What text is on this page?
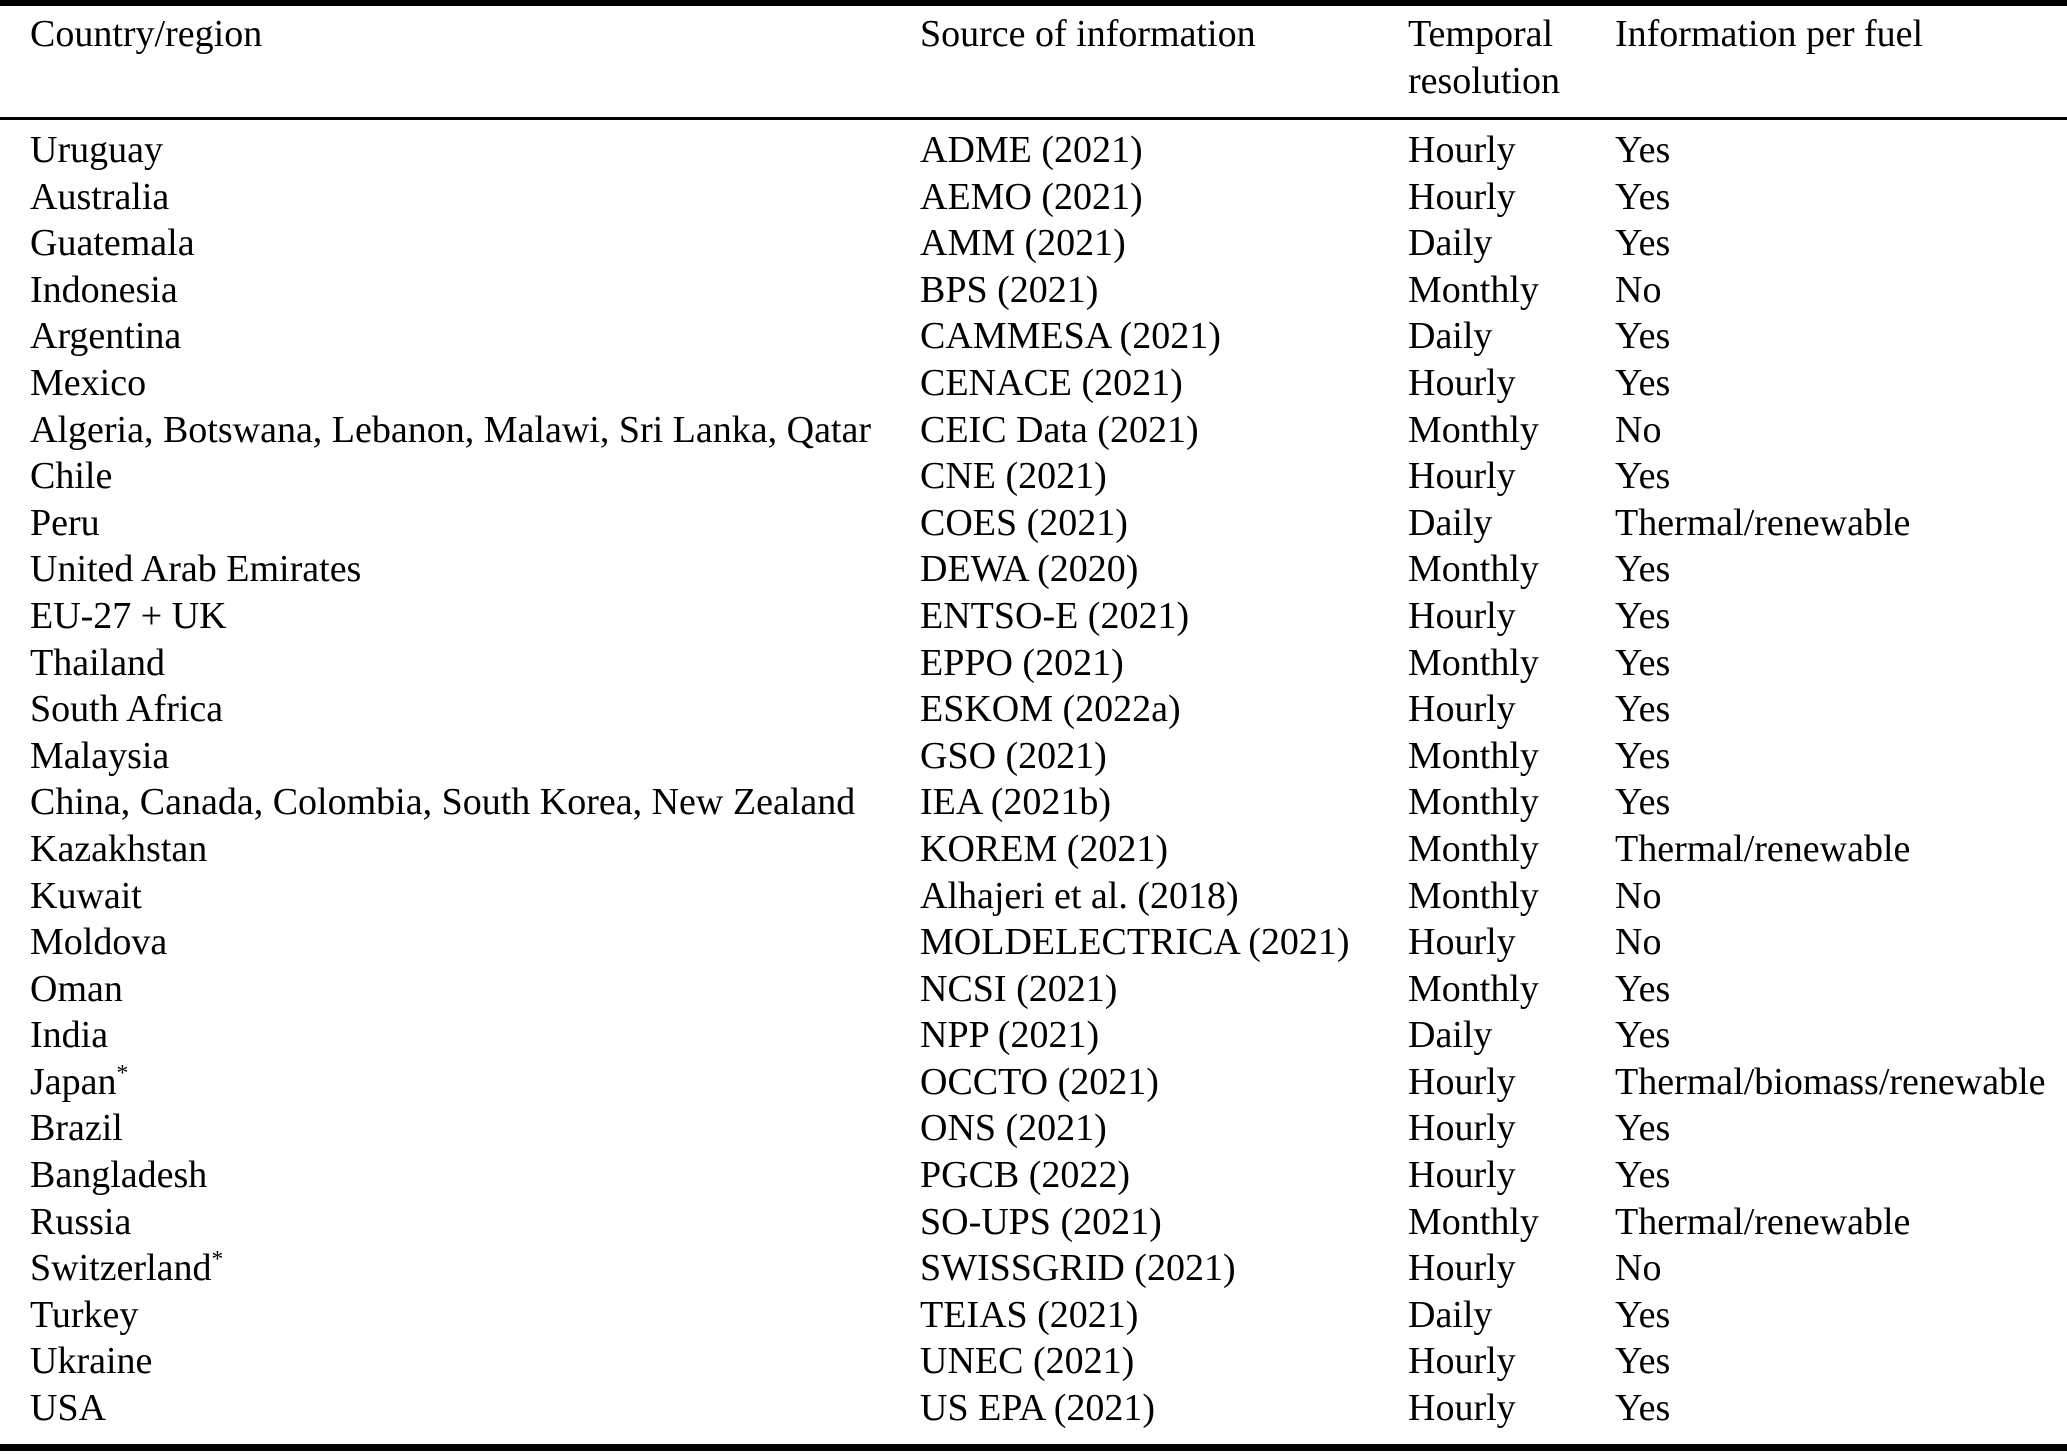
Country/region	Source of information	Temporal resolution	Information per fuel
Uruguay	ADME (2021)	Hourly	Yes
Australia	AEMO (2021)	Hourly	Yes
Guatemala	AMM (2021)	Daily	Yes
Indonesia	BPS (2021)	Monthly	No
Argentina	CAMMESA (2021)	Daily	Yes
Mexico	CENACE (2021)	Hourly	Yes
Algeria, Botswana, Lebanon, Malawi, Sri Lanka, Qatar	CEIC Data (2021)	Monthly	No
Chile	CNE (2021)	Hourly	Yes
Peru	COES (2021)	Daily	Thermal/renewable
United Arab Emirates	DEWA (2020)	Monthly	Yes
EU-27 + UK	ENTSO-E (2021)	Hourly	Yes
Thailand	EPPO (2021)	Monthly	Yes
South Africa	ESKOM (2022a)	Hourly	Yes
Malaysia	GSO (2021)	Monthly	Yes
China, Canada, Colombia, South Korea, New Zealand	IEA (2021b)	Monthly	Yes
Kazakhstan	KOREM (2021)	Monthly	Thermal/renewable
Kuwait	Alhajeri et al. (2018)	Monthly	No
Moldova	MOLDELECTRICA (2021)	Hourly	No
Oman	NCSI (2021)	Monthly	Yes
India	NPP (2021)	Daily	Yes
Japan*	OCCTO (2021)	Hourly	Thermal/biomass/renewable
Brazil	ONS (2021)	Hourly	Yes
Bangladesh	PGCB (2022)	Hourly	Yes
Russia	SO-UPS (2021)	Monthly	Thermal/renewable
Switzerland*	SWISSGRID (2021)	Hourly	No
Turkey	TEIAS (2021)	Daily	Yes
Ukraine	UNEC (2021)	Hourly	Yes
USA	US EPA (2021)	Hourly	Yes
